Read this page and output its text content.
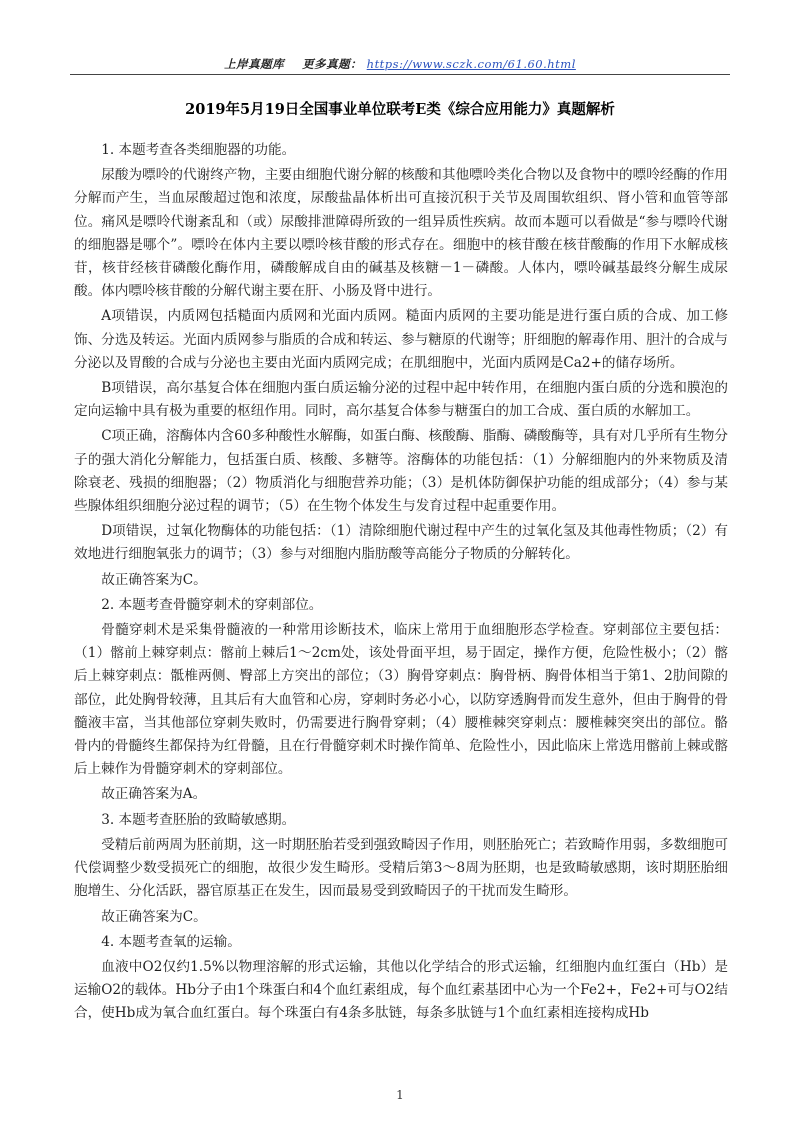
上岸真题库 更多真题： https://www.sczk.com/61.60.html
2019年5月19日全国事业单位联考E类《综合应用能力》真题解析

1. 本题考查各类细胞器的功能。

尿酸为嘌呤的代谢终产物，主要由细胞代谢分解的核酸和其他嘌呤类化合物以及食物中的嘌呤经酶的作用分解而产生，当血尿酸超过饱和浓度，尿酸盐晶体析出可直接沉积于关节及周围软组织、肾小管和血管等部位。痛风是嘌呤代谢紊乱和（或）尿酸排泄障碍所致的一组异质性疾病。故而本题可以看做是“参与嘌呤代谢的细胞器是哪个”。嘌呤在体内主要以嘌呤核苷酸的形式存在。细胞中的核苷酸在核苷酸酶的作用下水解成核苷，核苷经核苷磷酸化酶作用，磷酸解成自由的碱基及核糖－1－磷酸。人体内，嘌呤碱基最终分解生成尿酸。体内嘌呤核苷酸的分解代谢主要在肝、小肠及肾中进行。

A项错误，内质网包括糙面内质网和光面内质网。糙面内质网的主要功能是进行蛋白质的合成、加工修饰、分选及转运。光面内质网参与脂质的合成和转运、参与糖原的代谢等；肝细胞的解毒作用、胆汁的合成与分泌以及胃酸的合成与分泌也主要由光面内质网完成；在肌细胞中，光面内质网是Ca2+的储存场所。

B项错误，高尔基复合体在细胞内蛋白质运输分泌的过程中起中转作用，在细胞内蛋白质的分选和膜泡的定向运输中具有极为重要的枢纽作用。同时，高尔基复合体参与糖蛋白的加工合成、蛋白质的水解加工。

C项正确，溶酶体内含60多种酸性水解酶，如蛋白酶、核酸酶、脂酶、磷酸酶等，具有对几乎所有生物分子的强大消化分解能力，包括蛋白质、核酸、多糖等。溶酶体的功能包括：（1）分解细胞内的外来物质及清除衰老、残损的细胞器；（2）物质消化与细胞营养功能；（3）是机体防御保护功能的组成部分；（4）参与某些腺体组织细胞分泌过程的调节；（5）在生物个体发生与发育过程中起重要作用。

D项错误，过氧化物酶体的功能包括：（1）清除细胞代谢过程中产生的过氧化氢及其他毒性物质；（2）有效地进行细胞氧张力的调节；（3）参与对细胞内脂肪酸等高能分子物质的分解转化。

故正确答案为C。

2. 本题考查骨髓穿刺术的穿刺部位。

骨髓穿刺术是采集骨髓液的一种常用诊断技术，临床上常用于血细胞形态学检查。穿刺部位主要包括：（1）髂前上棘穿刺点：髂前上棘后1～2cm处，该处骨面平坦，易于固定，操作方便，危险性极小；（2）髂后上棘穿刺点：骶椎两侧、臀部上方突出的部位；（3）胸骨穿刺点：胸骨柄、胸骨体相当于第1、2肋间隙的部位，此处胸骨较薄，且其后有大血管和心房，穿刺时务必小心，以防穿透胸骨而发生意外，但由于胸骨的骨髓液丰富，当其他部位穿刺失败时，仍需要进行胸骨穿刺；（4）腰椎棘突穿刺点：腰椎棘突突出的部位。骼骨内的骨髓终生都保持为红骨髓，且在行骨髓穿刺术时操作简单、危险性小，因此临床上常选用髂前上棘或髂后上棘作为骨髓穿刺术的穿刺部位。

故正确答案为A。

3. 本题考查胚胎的致畸敏感期。

受精后前两周为胚前期，这一时期胚胎若受到强致畸因子作用，则胚胎死亡；若致畸作用弱，多数细胞可代偿调整少数受损死亡的细胞，故很少发生畸形。受精后第3～8周为胚期，也是致畸敏感期，该时期胚胎细胞增生、分化活跃，器官原基正在发生，因而最易受到致畸因子的干扰而发生畸形。

故正确答案为C。

4. 本题考查氧的运输。

血液中O2仅约1.5%以物理溶解的形式运输，其他以化学结合的形式运输，红细胞内血红蛋白（Hb）是运输O2的载体。Hb分子由1个珠蛋白和4个血红素组成，每个血红素基团中心为一个Fe2+，Fe2+可与O2结合，使Hb成为氧合血红蛋白。每个珠蛋白有4条多肽链，每条多肽链与1个血红素相连接构成Hb

1
